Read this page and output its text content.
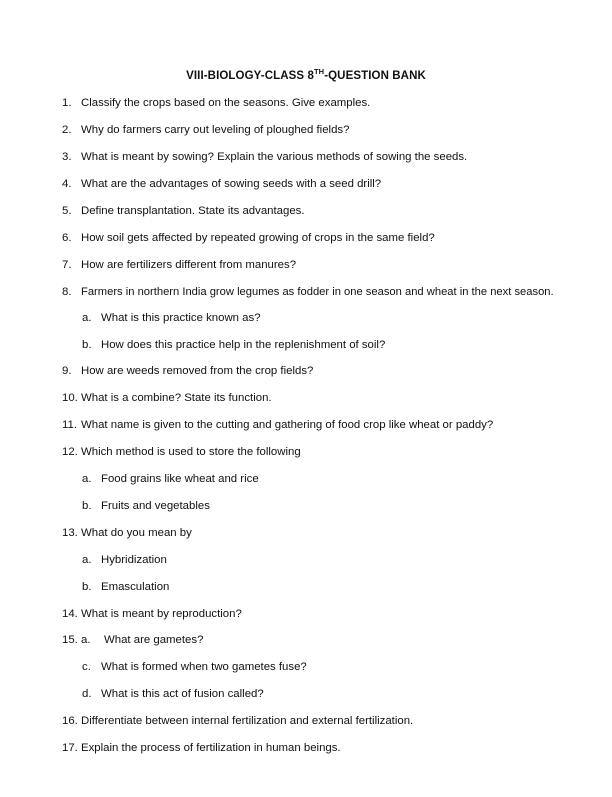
VIII-BIOLOGY-CLASS 8TH-QUESTION BANK
1. Classify the crops based on the seasons. Give examples.
2. Why do farmers carry out leveling of ploughed fields?
3. What is meant by sowing? Explain the various methods of sowing the seeds.
4. What are the advantages of sowing seeds with a seed drill?
5. Define transplantation. State its advantages.
6. How soil gets affected by repeated growing of crops in the same field?
7. How are fertilizers different from manures?
8. Farmers in northern India grow legumes as fodder in one season and wheat in the next season.
a. What is this practice known as?
b. How does this practice help in the replenishment of soil?
9. How are weeds removed from the crop fields?
10. What is a combine? State its function.
11. What name is given to the cutting and gathering of food crop like wheat or paddy?
12. Which method is used to store the following
a. Food grains like wheat and rice
b. Fruits and vegetables
13. What do you mean by
a. Hybridization
b. Emasculation
14. What is meant by reproduction?
15. a. What are gametes?
c. What is formed when two gametes fuse?
d. What is this act of fusion called?
16. Differentiate between internal fertilization and external fertilization.
17. Explain the process of fertilization in human beings.
